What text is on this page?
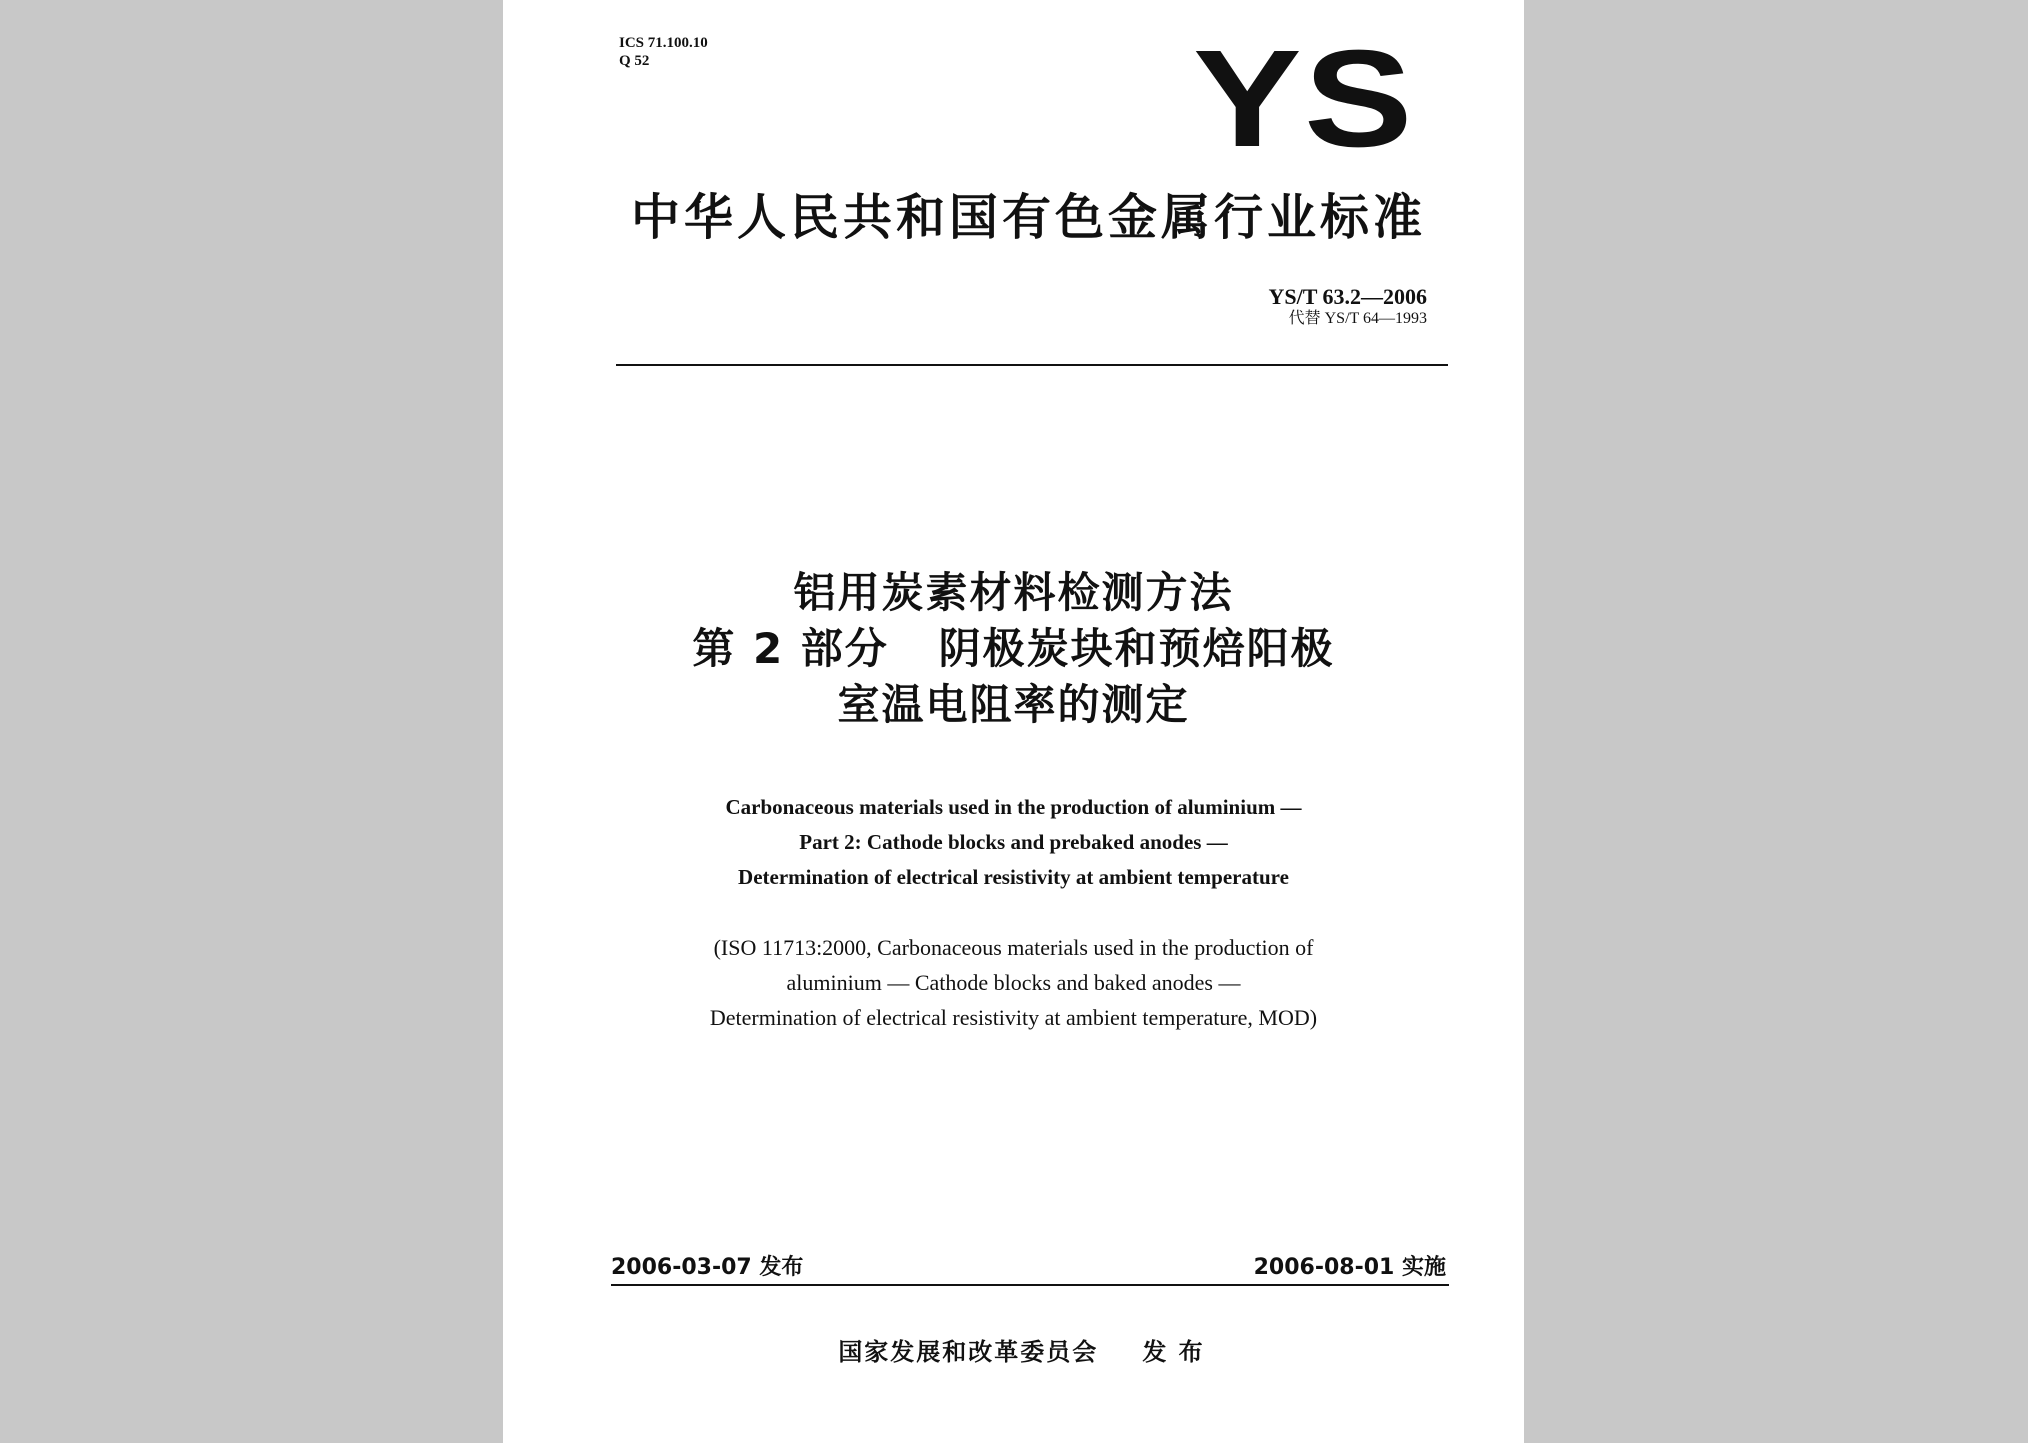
ICS 71.100.10
Q 52	YS
中华人民共和国有色金属行业标准
YS/T 63.2—2006
代替 YS/T 64—1993
铝用炭素材料检测方法
第 2 部分   阴极炭块和预焙阳极
室温电阻率的测定
Carbonaceous materials used in the production of aluminium —
Part 2: Cathode blocks and prebaked anodes —
Determination of electrical resistivity at ambient temperature
(ISO 11713:2000, Carbonaceous materials used in the production of
aluminium — Cathode blocks and baked anodes —
Determination of electrical resistivity at ambient temperature, MOD)
2006-03-07 发布	2006-08-01 实施
国家发展和改革委员会 发 布
